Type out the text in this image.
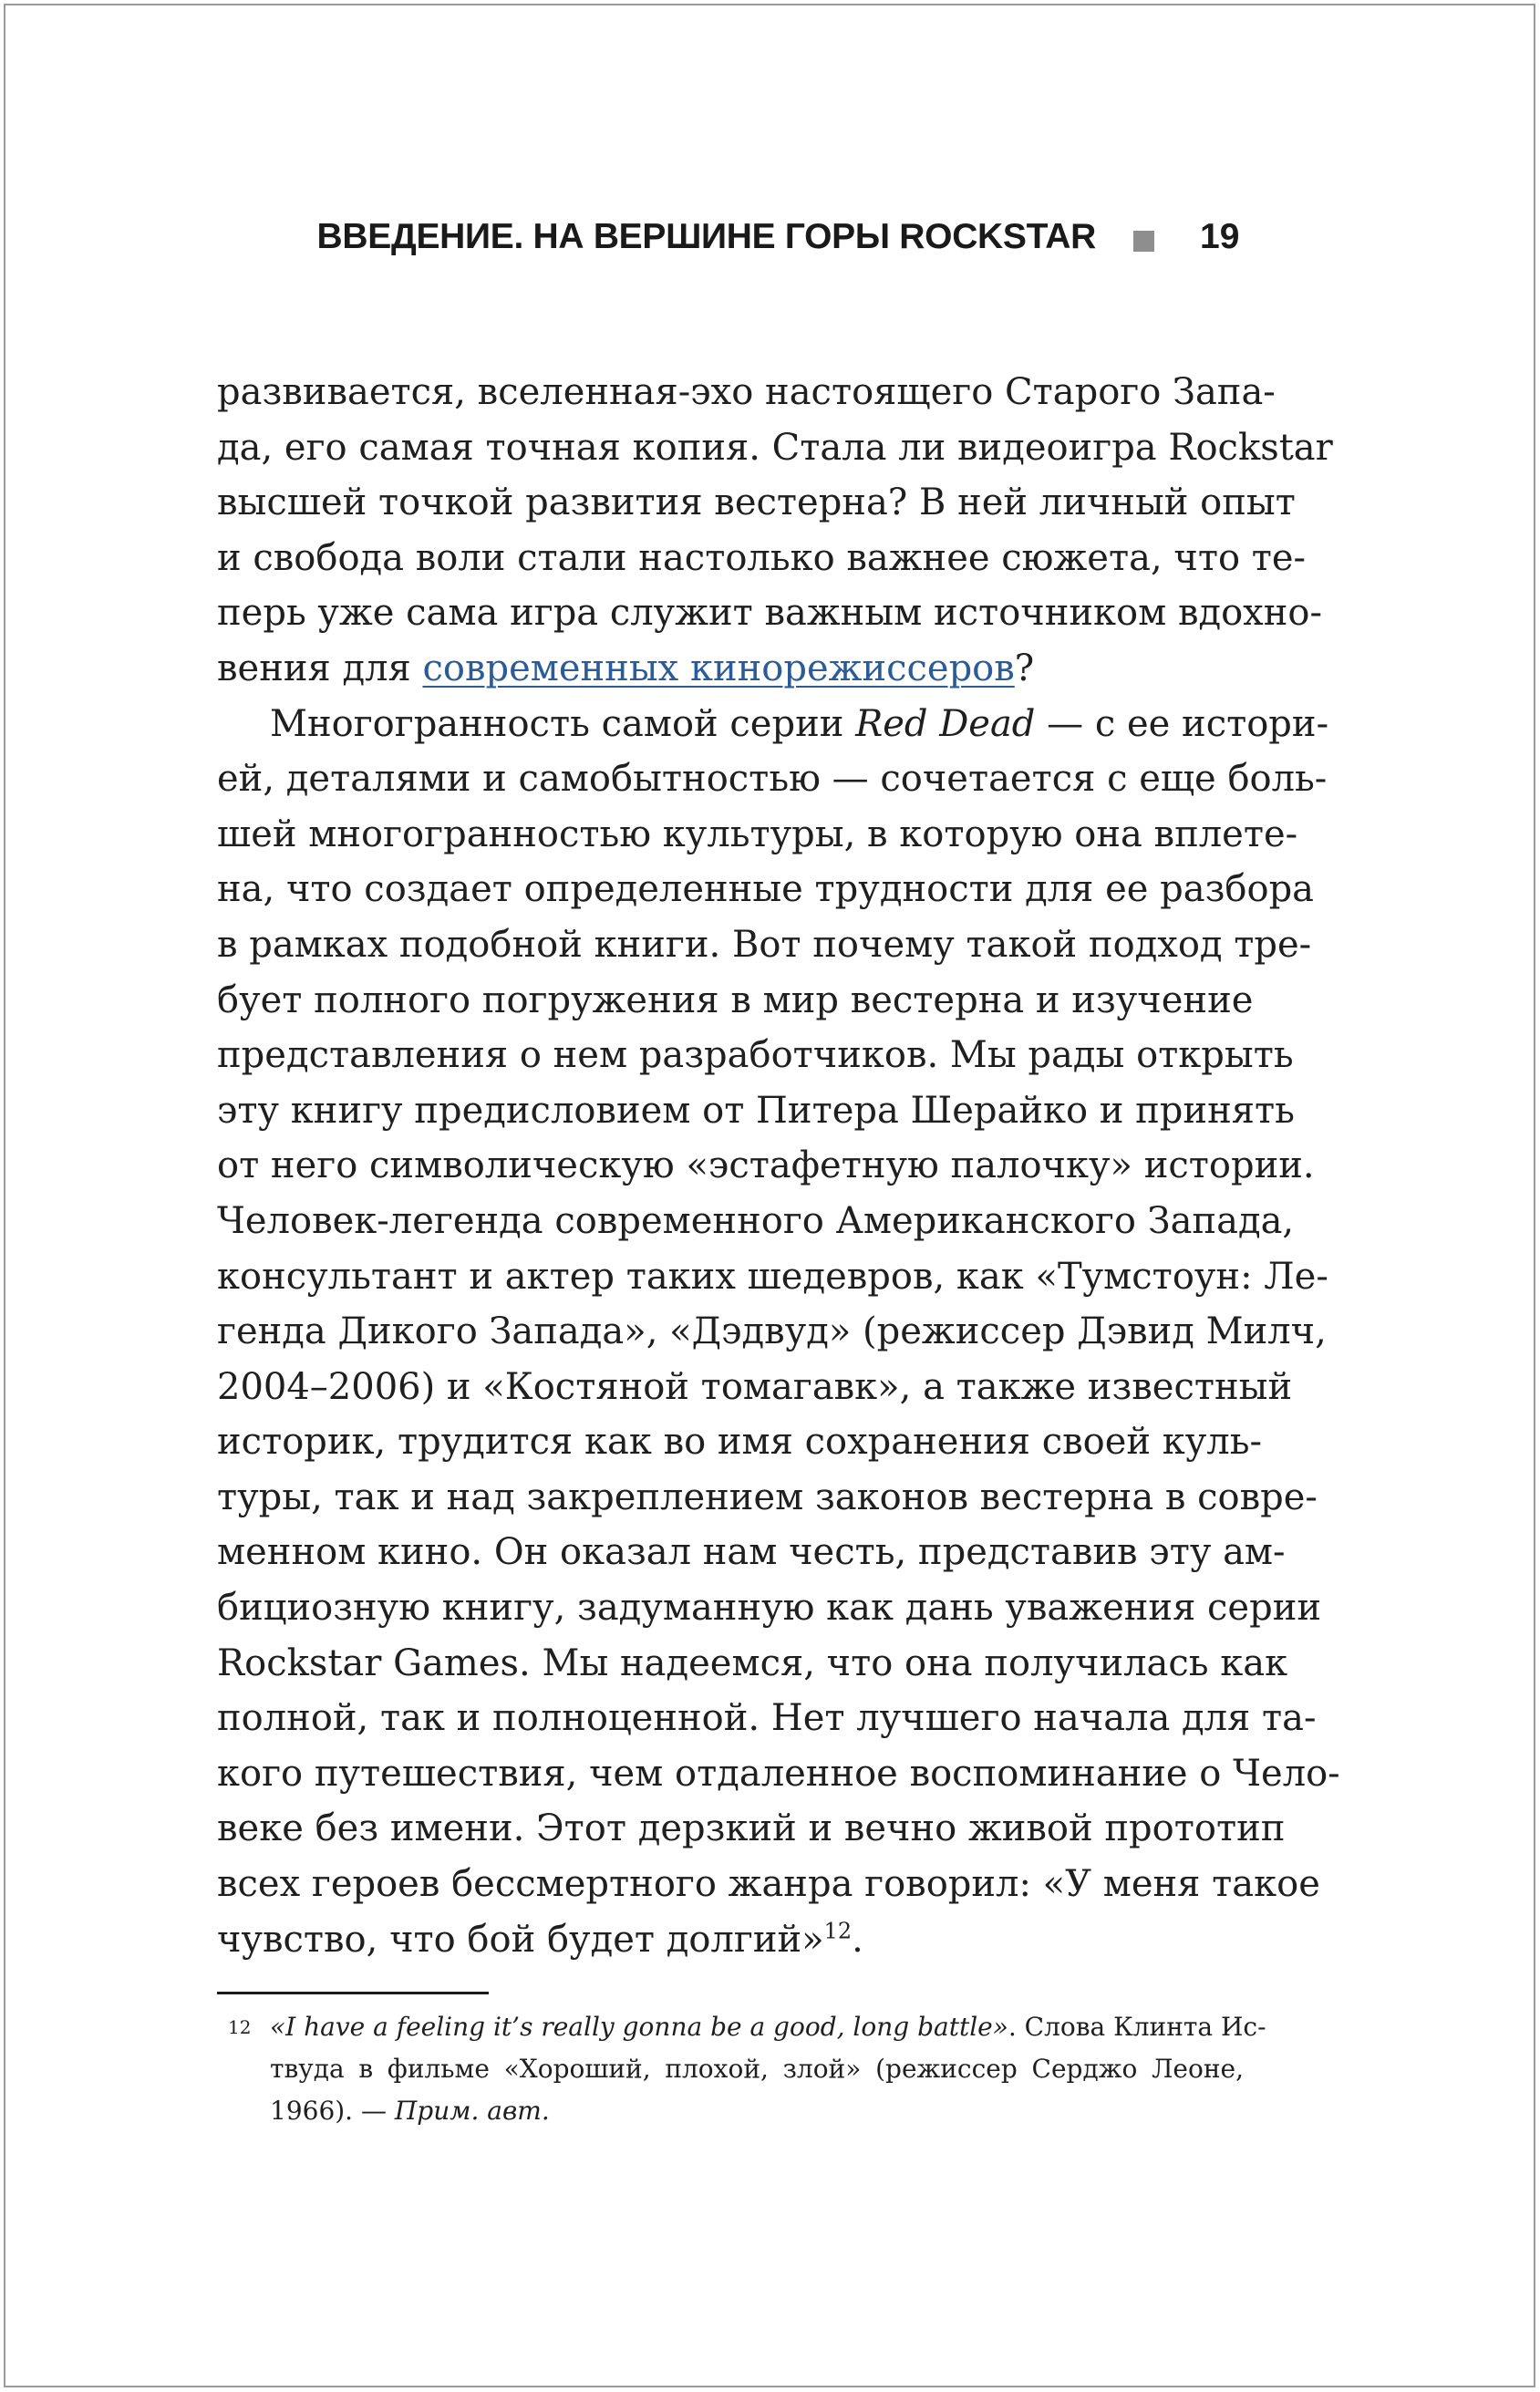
ВВЕДЕНИЕ. НА ВЕРШИНЕ ГОРЫ ROCKSTAR	19
развивается, вселенная-эхо настоящего Старого Запа-
да, его самая точная копия. Стала ли видеоигра Rockstar
высшей точкой развития вестерна? В ней личный опыт
и свобода воли стали настолько важнее сюжета, что те-
перь уже сама игра служит важным источником вдохно-
вения для современных кинорежиссеров?
Многогранность самой серии Red Dead — с ее истори-
ей, деталями и самобытностью — сочетается с еще боль-
шей многогранностью культуры, в которую она вплете-
на, что создает определенные трудности для ее разбора
в рамках подобной книги. Вот почему такой подход тре-
бует полного погружения в мир вестерна и изучение
представления о нем разработчиков. Мы рады открыть
эту книгу предисловием от Питера Шерайко и принять
от него символическую «эстафетную палочку» истории.
Человек-легенда современного Американского Запада,
консультант и актер таких шедевров, как «Тумстоун: Ле-
генда Дикого Запада», «Дэдвуд» (режиссер Дэвид Милч,
2004–2006) и «Костяной томагавк», а также известный
историк, трудится как во имя сохранения своей куль-
туры, так и над закреплением законов вестерна в совре-
менном кино. Он оказал нам честь, представив эту ам-
бициозную книгу, задуманную как дань уважения серии
Rockstar Games. Мы надеемся, что она получилась как
полной, так и полноценной. Нет лучшего начала для та-
кого путешествия, чем отдаленное воспоминание о Чело-
веке без имени. Этот дерзкий и вечно живой прототип
всех героев бессмертного жанра говорил: «У меня такое
чувство, что бой будет долгий»$^{12}$.
12 «I have a feeling it’s really gonna be a good, long battle». Слова Клинта Ис-
твуда в фильме «Хороший, плохой, злой» (режиссер Серджо Леоне,
1966). — Прим. авт.
